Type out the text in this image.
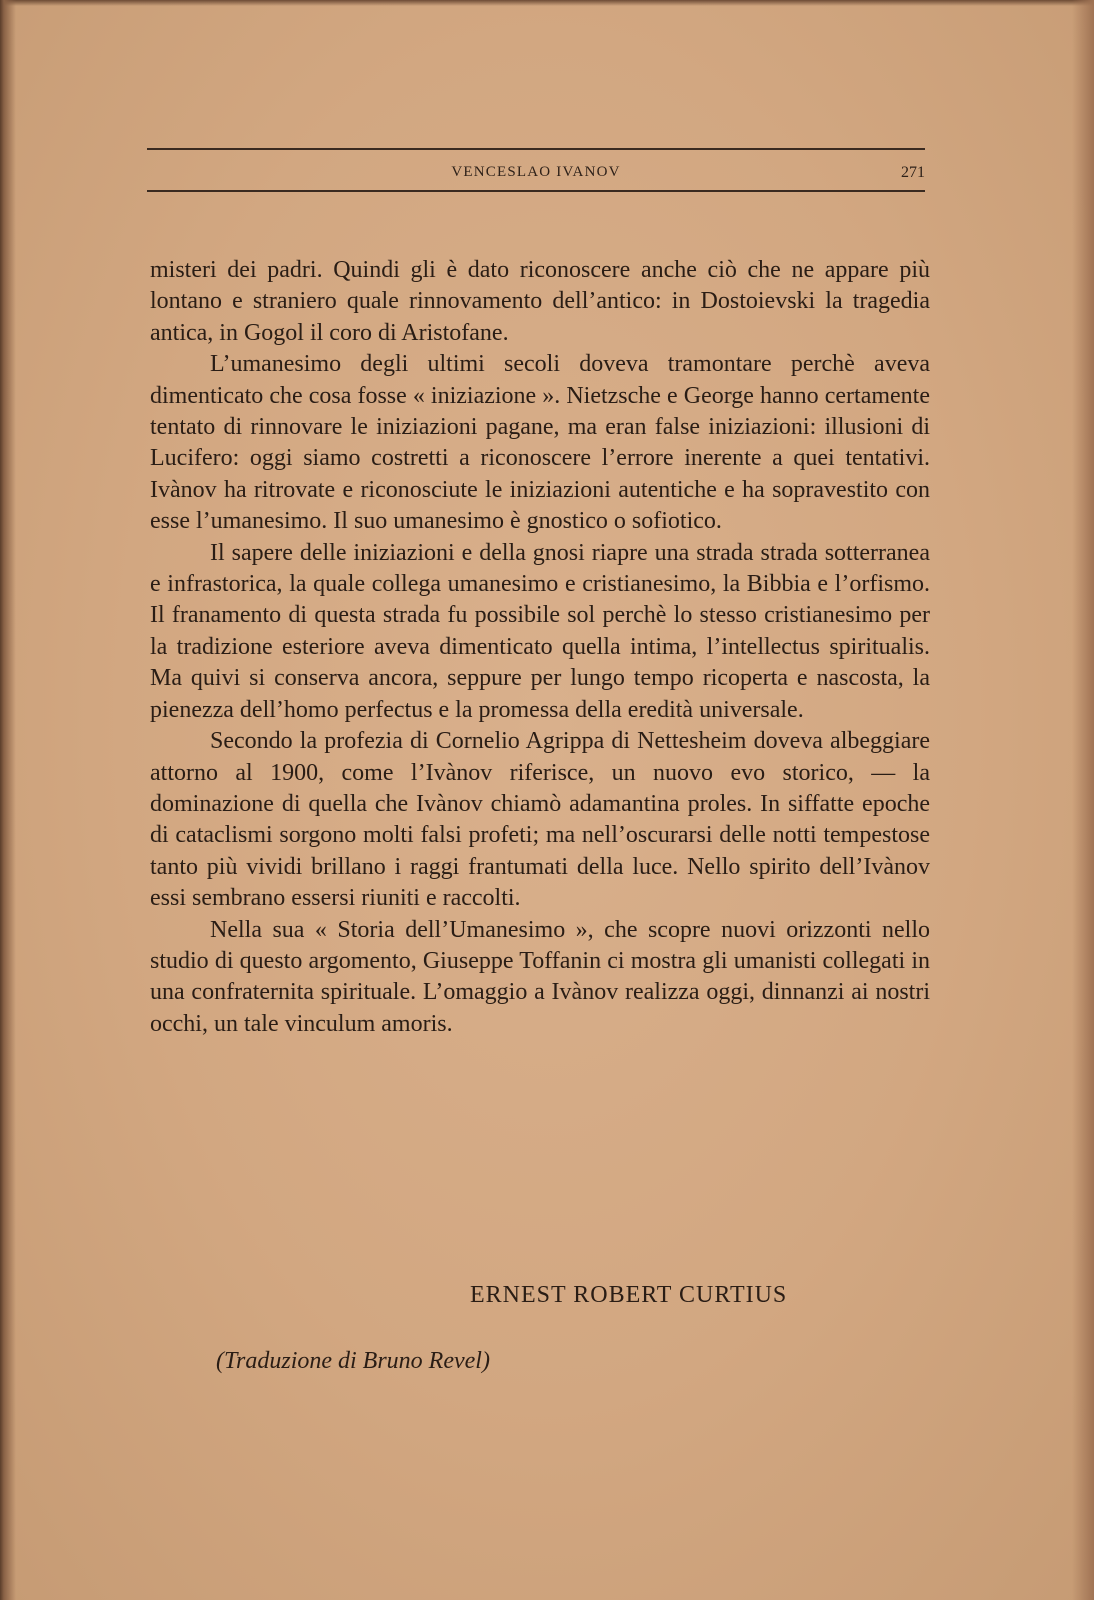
VENCESLAO IVANOV	271

misteri dei padri. Quindi gli è dato riconoscere anche ciò che ne appare più lontano e straniero quale rinnovamento dell’antico: in Dostoievski la tragedia antica, in Gogol il coro di Aristofane.

L’umanesimo degli ultimi secoli doveva tramontare perchè aveva dimenticato che cosa fosse « iniziazione ». Nietzsche e George hanno certamente tentato di rinnovare le iniziazioni pagane, ma eran false iniziazioni: illusioni di Lucifero: oggi siamo costretti a riconoscere l’errore inerente a quei tentativi. Ivànov ha ritrovate e riconosciute le iniziazioni autentiche e ha sopravestito con esse l’umanesimo. Il suo umanesimo è gnostico o sofiotico.

Il sapere delle iniziazioni e della gnosi riapre una strada strada sotterranea e infrastorica, la quale collega umanesimo e cristianesimo, la Bibbia e l’orfismo. Il franamento di questa strada fu possibile sol perchè lo stesso cristianesimo per la tradizione esteriore aveva dimenticato quella intima, l’intellectus spiritualis. Ma quivi si conserva ancora, seppure per lungo tempo ricoperta e nascosta, la pienezza dell’homo perfectus e la promessa della eredità universale.

Secondo la profezia di Cornelio Agrippa di Nettesheim doveva albeggiare attorno al 1900, come l’Ivànov riferisce, un nuovo evo storico, — la dominazione di quella che Ivànov chiamò adamantina proles. In siffatte epoche di cataclismi sorgono molti falsi profeti; ma nell’oscurarsi delle notti tempestose tanto più vividi brillano i raggi frantumati della luce. Nello spirito dell’Ivànov essi sembrano essersi riuniti e raccolti.

Nella sua « Storia dell’Umanesimo », che scopre nuovi orizzonti nello studio di questo argomento, Giuseppe Toffanin ci mostra gli umanisti collegati in una confraternita spirituale. L’omaggio a Ivànov realizza oggi, dinnanzi ai nostri occhi, un tale vinculum amoris.

ERNEST ROBERT CURTIUS
(Traduzione di Bruno Revel)
